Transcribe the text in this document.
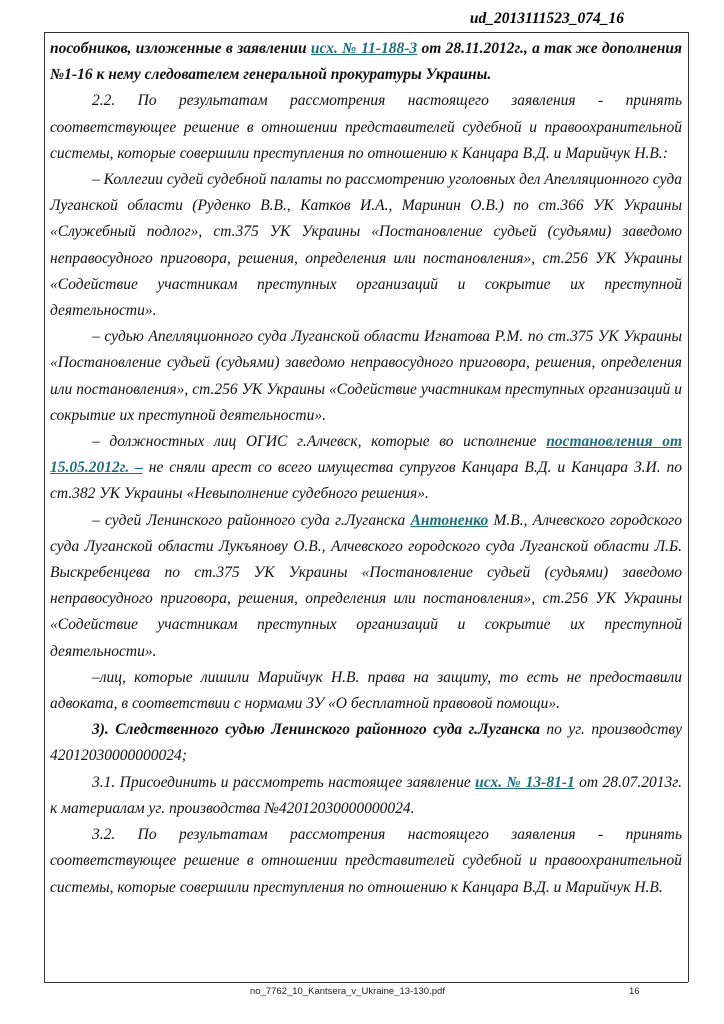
ud_2013111523_074_16

пособников, изложенные в заявлении исх. № 11-188-3 от 28.11.2012г., а так же дополнения №1-16 к нему следователем генеральной прокуратуры Украины.

2.2. По результатам рассмотрения настоящего заявления - принять соответствующее решение в отношении представителей судебной и правоохранительной системы, которые совершили преступления по отношению к Канцара В.Д. и Марийчук Н.В.:

– Коллегии судей судебной палаты по рассмотрению уголовных дел Апелляционного суда Луганской области (Руденко В.В., Катков И.А., Маринин О.В.) по ст.366 УК Украины «Служебный подлог», ст.375 УК Украины «Постановление судьей (судьями) заведомо неправосудного приговора, решения, определения или постановления», ст.256 УК Украины «Содействие участникам преступных организаций и сокрытие их преступной деятельности».

– судью Апелляционного суда Луганской области Игнатова Р.М. по ст.375 УК Украины «Постановление судьей (судьями) заведомо неправосудного приговора, решения, определения или постановления», ст.256 УК Украины «Содействие участникам преступных организаций и сокрытие их преступной деятельности».

– должностных лиц ОГИС г.Алчевск, которые во исполнение постановления от 15.05.2012г. – не сняли арест со всего имущества супругов Канцара В.Д. и Канцара З.И. по ст.382 УК Украины «Невыполнение судебного решения».

– судей Ленинского районного суда г.Луганска Антоненко М.В., Алчевского городского суда Луганской области Лукъянову О.В., Алчевского городского суда Луганской области Л.Б. Выскребенцева по ст.375 УК Украины «Постановление судьей (судьями) заведомо неправосудного приговора, решения, определения или постановления», ст.256 УК Украины «Содействие участникам преступных организаций и сокрытие их преступной деятельности».

–лиц, которые лишили Марийчук Н.В. права на защиту, то есть не предоставили адвоката, в соответствии с нормами ЗУ «О бесплатной правовой помощи».

3). Следственного судью Ленинского районного суда г.Луганска по уг. производству 42012030000000024;

3.1. Присоединить и рассмотреть настоящее заявление исх. № 13-81-1 от 28.07.2013г. к материалам уг. производства №42012030000000024.

3.2. По результатам рассмотрения настоящего заявления - принять соответствующее решение в отношении представителей судебной и правоохранительной системы, которые совершили преступления по отношению к Канцара В.Д. и Марийчук Н.В.

no_7762_10_Kantsera_v_Ukraine_13-130.pdf	16
